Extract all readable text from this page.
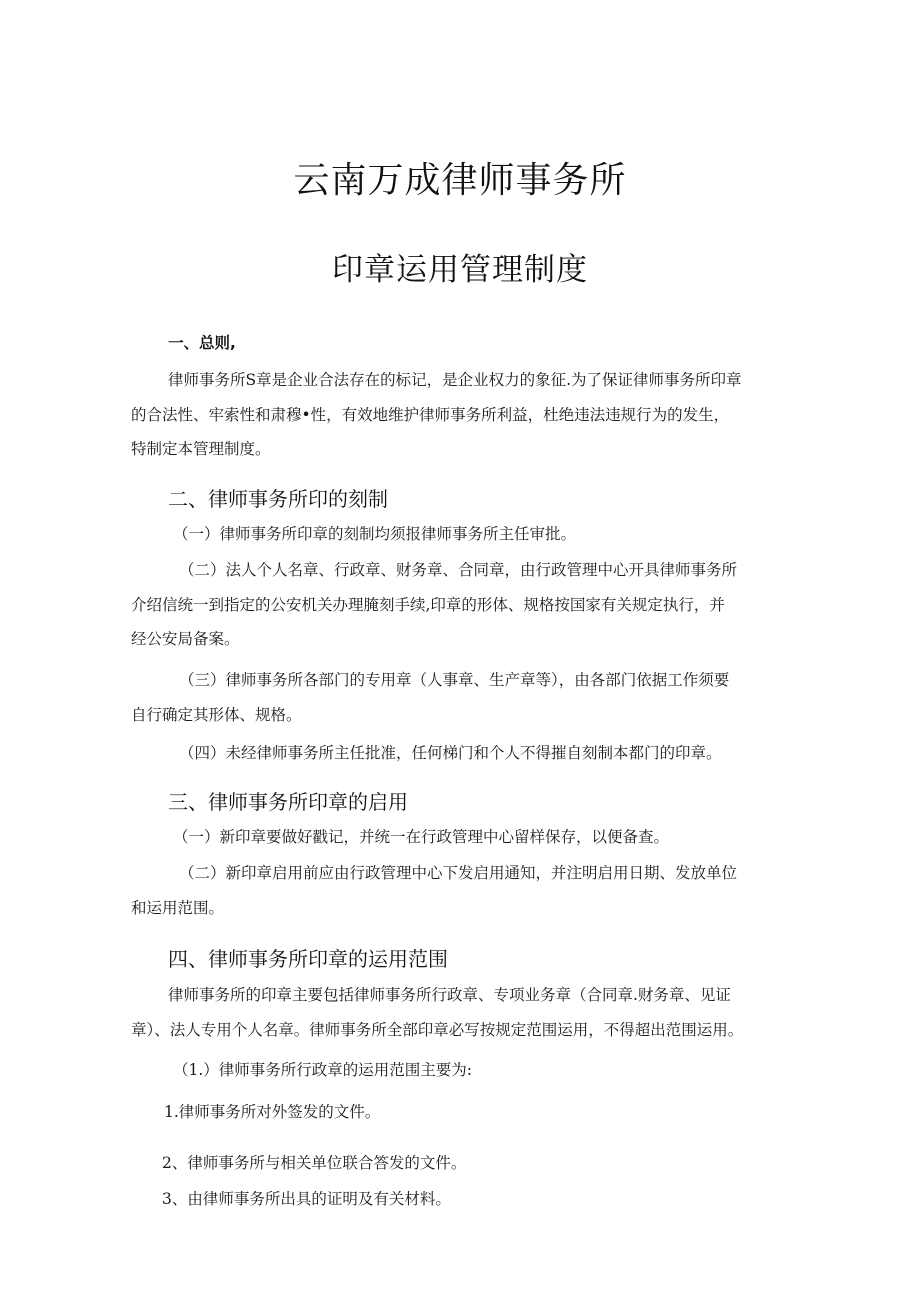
云南万成律师事务所
印章运用管理制度
一、总则,
律师事务所S章是企业合法存在的标记，是企业权力的象征.为了保证律师事务所印章
的合法性、牢索性和肃穆•性，有效地维护律师事务所利益，杜绝违法违规行为的发生，
特制定本管理制度。
二、律师事务所印的刻制
（一）律师事务所印章的刻制均须报律师事务所主任审批。
（二）法人个人名章、行政章、财务章、合同章，由行政管理中心开具律师事务所
介绍信统一到指定的公安机关办理腌刻手续,印章的形体、规格按国家有关规定执行，并
经公安局备案。
（三）律师事务所各部门的专用章（人事章、生产章等），由各部门依据工作须要
自行确定其形体、规格。
（四）未经律师事务所主任批准，任何梯门和个人不得摧自刻制本都门的印章。
三、律师事务所印章的启用
（一）新印章要做好戳记，并统一在行政管理中心留样保存，以便备查。
（二）新印章启用前应由行政管理中心下发启用通知，并注明启用日期、发放单位
和运用范围。
四、律师事务所印章的运用范围
律师事务所的印章主要包括律师事务所行政章、专项业务章（合同章.财务章、见证
章）、法人专用个人名章。律师事务所全部印章必写按规定范围运用，不得超出范围运用。
（1.）律师事务所行政章的运用范围主要为:
1.律师事务所对外签发的文件。
2、律师事务所与相关单位联合答发的文件。
3、由律师事务所出具的证明及有关材料。
